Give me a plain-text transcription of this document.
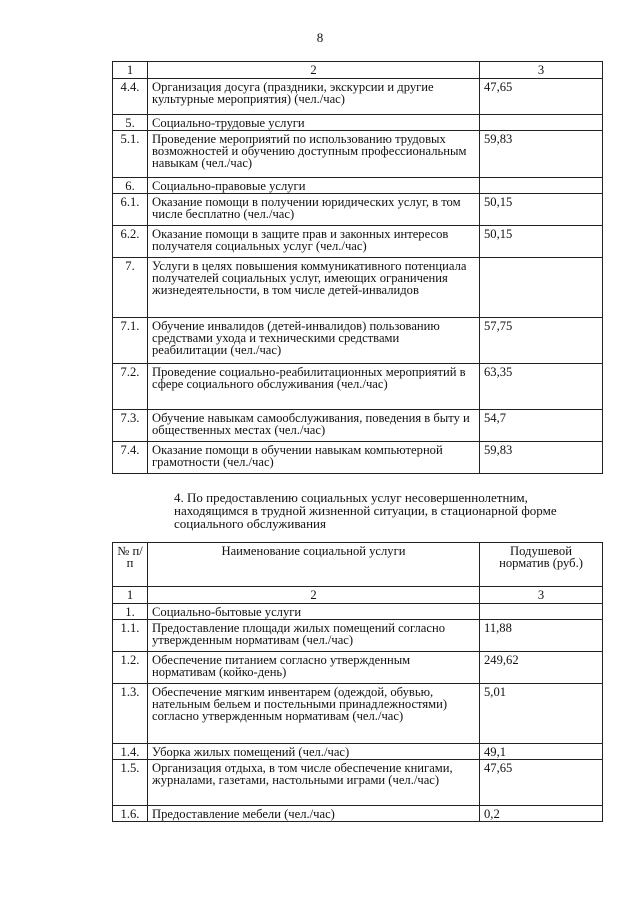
8
1	2	3
4.4.	Организация досуга (праздники, экскурсии и другие культурные мероприятия) (чел./час)	47,65
5.	Социально-трудовые услуги	
5.1.	Проведение мероприятий по использованию трудовых возможностей и обучению доступным профессиональным навыкам (чел./час)	59,83
6.	Социально-правовые услуги	
6.1.	Оказание помощи в получении юридических услуг, в том числе бесплатно (чел./час)	50,15
6.2.	Оказание помощи в защите прав и законных интересов получателя социальных услуг (чел./час)	50,15
7.	Услуги в целях повышения коммуникативного потенциала получателей социальных услуг, имеющих ограничения жизнедеятельности, в том числе детей-инвалидов	
7.1.	Обучение инвалидов (детей-инвалидов) пользованию средствами ухода и техническими средствами реабилитации (чел./час)	57,75
7.2.	Проведение социально-реабилитационных мероприятий в сфере социального обслуживания (чел./час)	63,35
7.3.	Обучение навыкам самообслуживания, поведения в быту и общественных местах (чел./час)	54,7
7.4.	Оказание помощи в обучении навыкам компьютерной грамотности (чел./час)	59,83
4. По предоставлению социальных услуг несовершеннолетним,
находящимся в трудной жизненной ситуации, в стационарной форме
социального обслуживания
№ п/п	Наименование социальной услуги	Подушевой норматив (руб.)
1	2	3
1.	Социально-бытовые услуги	
1.1.	Предоставление площади жилых помещений согласно утвержденным нормативам (чел./час)	11,88
1.2.	Обеспечение питанием согласно утвержденным нормативам (койко-день)	249,62
1.3.	Обеспечение мягким инвентарем (одеждой, обувью, нательным бельем и постельными принадлежностями) согласно утвержденным нормативам (чел./час)	5,01
1.4.	Уборка жилых помещений (чел./час)	49,1
1.5.	Организация отдыха, в том числе обеспечение книгами, журналами, газетами, настольными играми (чел./час)	47,65
1.6.	Предоставление мебели (чел./час)	0,2
